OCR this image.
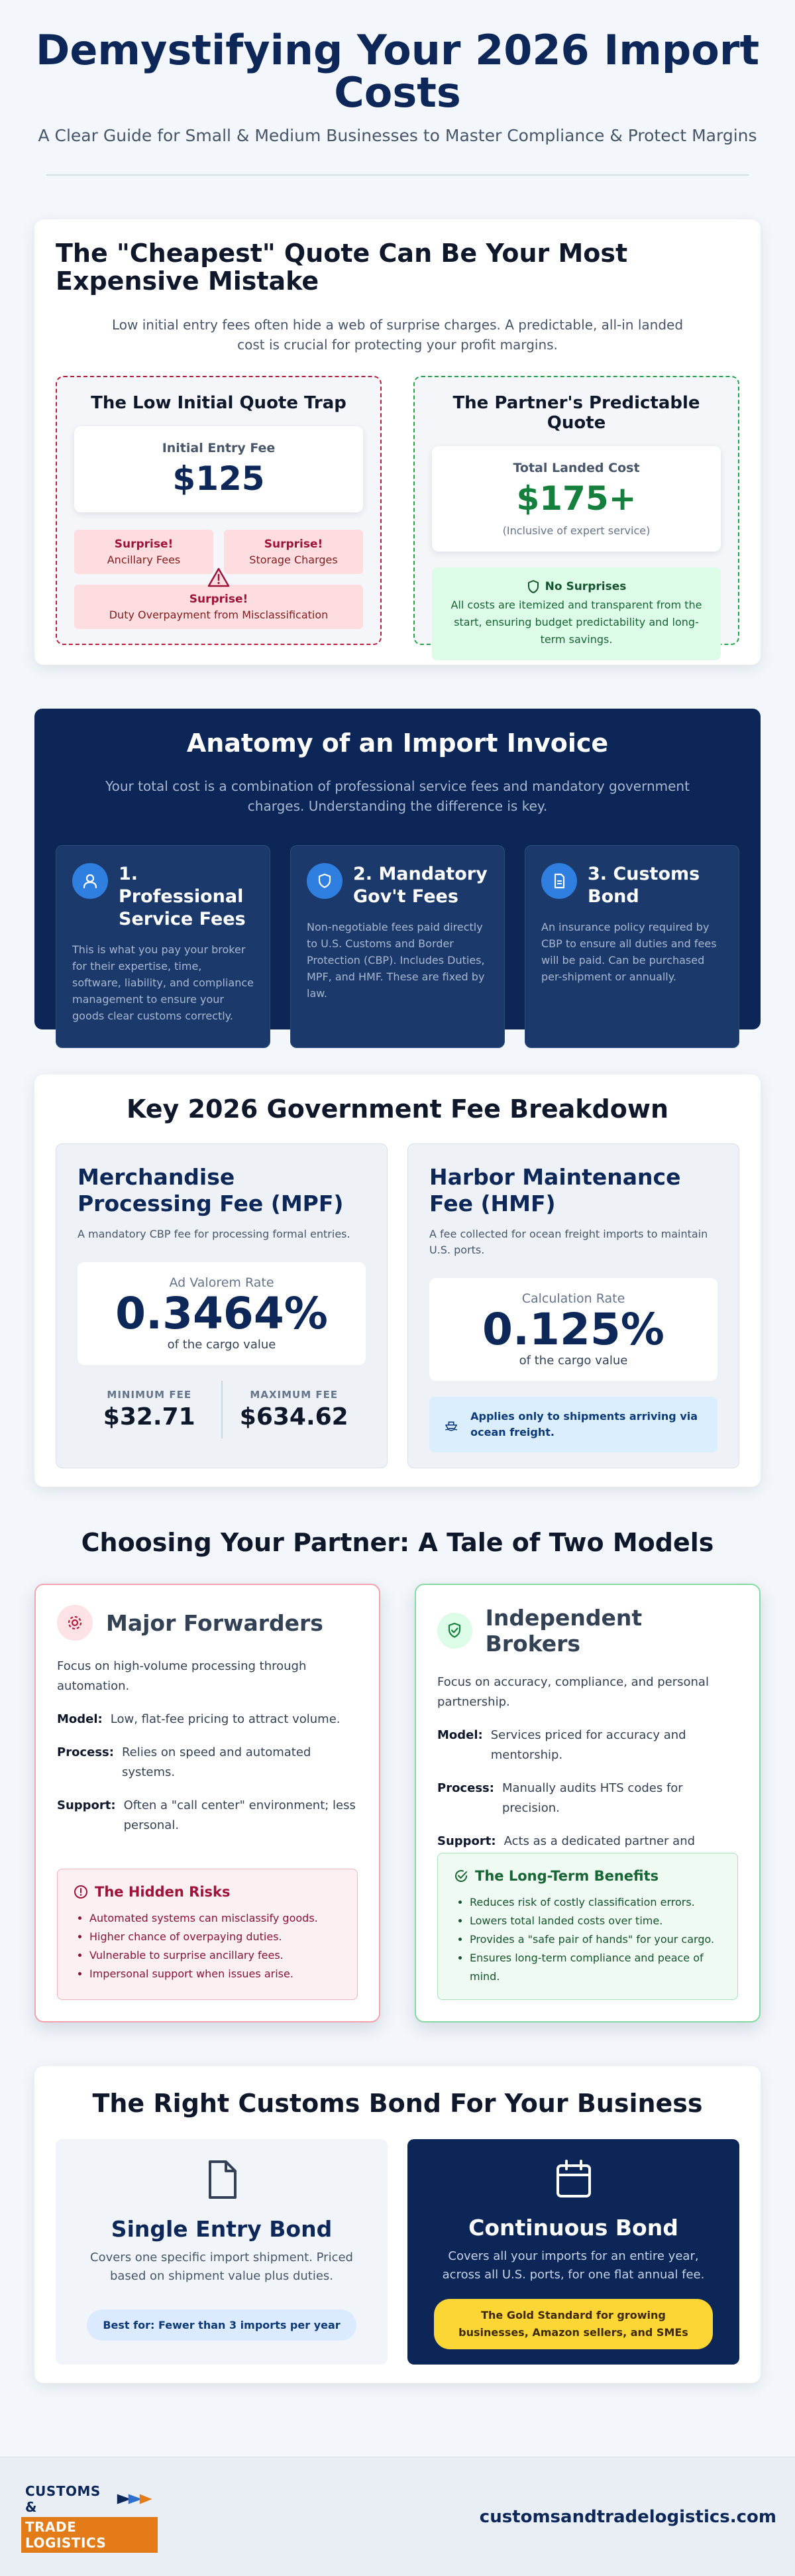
Demystifying Your 2026 Import Costs

A Clear Guide for Small & Medium Businesses to Master Compliance & Protect Margins

The "Cheapest" Quote Can Be Your Most Expensive Mistake

Low initial entry fees often hide a web of surprise charges. A predictable, all-in landed cost is crucial for protecting your profit margins.

The Low Initial Quote Trap
Initial Entry Fee
$125
Surprise!
Ancillary Fees
Surprise!
Storage Charges
Surprise!
Duty Overpayment from Misclassification
The Partner's Predictable Quote
Total Landed Cost
$175+
(Inclusive of expert service)
No Surprises
All costs are itemized and transparent from the start, ensuring budget predictability and long-term savings.
Anatomy of an Import Invoice

Your total cost is a combination of professional service fees and mandatory government charges. Understanding the difference is key.

1. Professional Service Fees

This is what you pay your broker for their expertise, time, software, liability, and compliance management to ensure your goods clear customs correctly.

2. Mandatory Gov't Fees

Non-negotiable fees paid directly to U.S. Customs and Border Protection (CBP). Includes Duties, MPF, and HMF. These are fixed by law.

3. Customs Bond

An insurance policy required by CBP to ensure all duties and fees will be paid. Can be purchased per-shipment or annually.

Key 2026 Government Fee Breakdown
Merchandise Processing Fee (MPF)

A mandatory CBP fee for processing formal entries.

Ad Valorem Rate
0.3464%
of the cargo value
MINIMUM FEE
$32.71
MAXIMUM FEE
$634.62
Harbor Maintenance Fee (HMF)

A fee collected for ocean freight imports to maintain U.S. ports.

Calculation Rate
0.125%
of the cargo value
Applies only to shipments arriving via ocean freight.
Choosing Your Partner: A Tale of Two Models
Major Forwarders

Focus on high-volume processing through automation.

Model: Low, flat-fee pricing to attract volume.
Process: Relies on speed and automated systems.
Support: Often a "call center" environment; less personal.
The Hidden Risks
• Automated systems can misclassify goods.
• Higher chance of overpaying duties.
• Vulnerable to surprise ancillary fees.
• Impersonal support when issues arise.
Independent Brokers

Focus on accuracy, compliance, and personal partnership.

Model: Services priced for accuracy and mentorship.
Process: Manually audits HTS codes for precision.
Support: Acts as a dedicated partner and
The Long-Term Benefits
• Reduces risk of costly classification errors.
• Lowers total landed costs over time.
• Provides a "safe pair of hands" for your cargo.
• Ensures long-term compliance and peace of mind.
The Right Customs Bond For Your Business
Single Entry Bond

Covers one specific import shipment. Priced based on shipment value plus duties.

Best for: Fewer than 3 imports per year
Continuous Bond

Covers all your imports for an entire year, across all U.S. ports, for one flat annual fee.

The Gold Standard for growing businesses, Amazon sellers, and SMEs
CUSTOMS &
TRADE LOGISTICS
customsandtradelogistics.com
